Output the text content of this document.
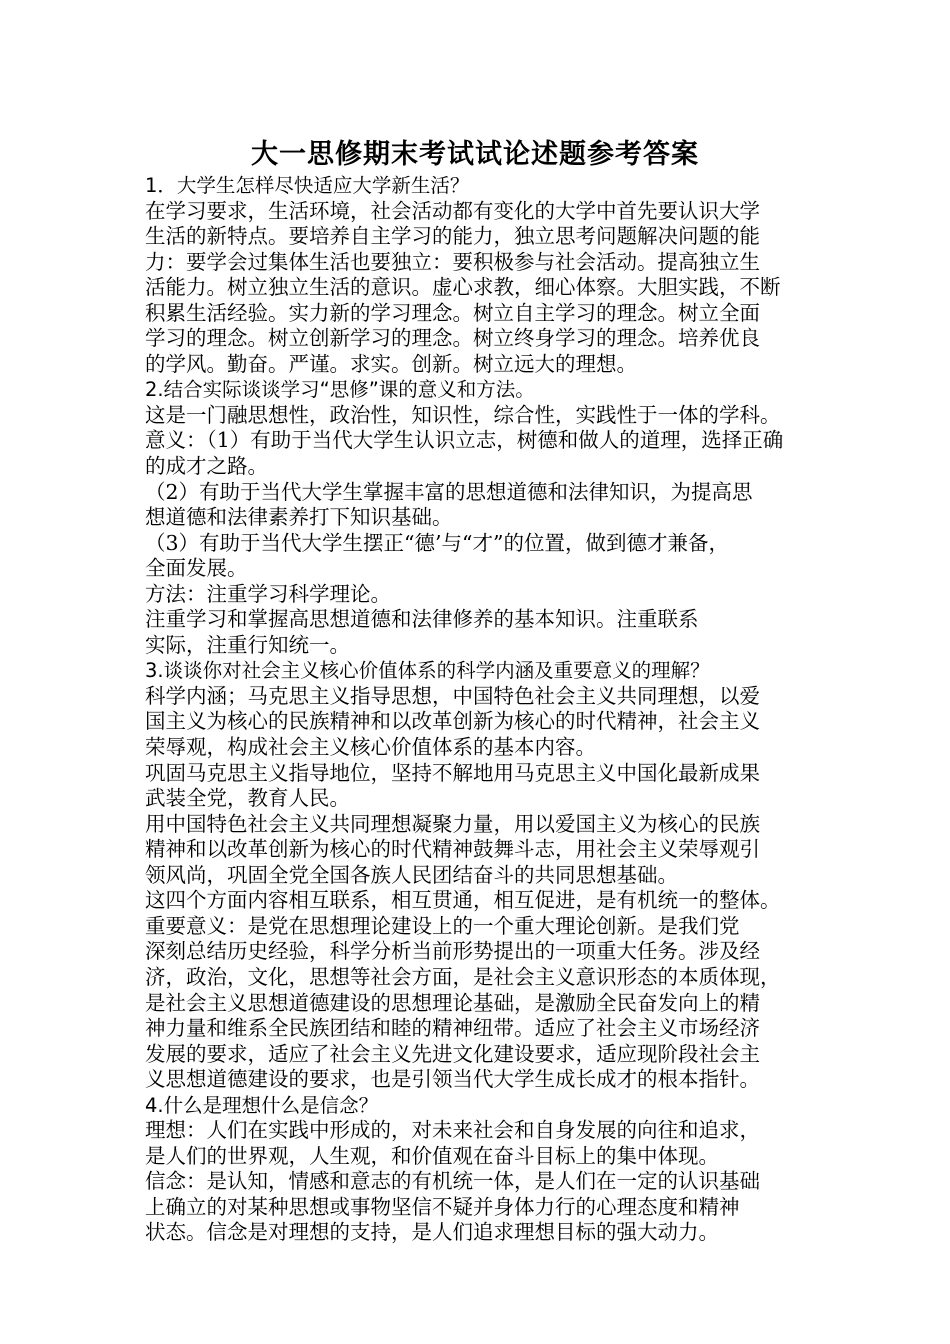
大一思修期末考试试论述题参考答案
1．大学生怎样尽快适应大学新生活？
在学习要求，生活环境，社会活动都有变化的大学中首先要认识大学
生活的新特点。要培养自主学习的能力，独立思考问题解决问题的能
力：要学会过集体生活也要独立：要积极参与社会活动。提高独立生
活能力。树立独立生活的意识。虚心求教，细心体察。大胆实践，不断
积累生活经验。实力新的学习理念。树立自主学习的理念。树立全面
学习的理念。树立创新学习的理念。树立终身学习的理念。培养优良
的学风。勤奋。严谨。求实。创新。树立远大的理想。
2.结合实际谈谈学习“思修”课的意义和方法。
这是一门融思想性，政治性，知识性，综合性，实践性于一体的学科。
意义：（1）有助于当代大学生认识立志，树德和做人的道理，选择正确
的成才之路。
（2）有助于当代大学生掌握丰富的思想道德和法律知识，为提高思
想道德和法律素养打下知识基础。
（3）有助于当代大学生摆正“德’与“才”的位置，做到德才兼备，
全面发展。
方法：注重学习科学理论。
注重学习和掌握高思想道德和法律修养的基本知识。注重联系
实际，注重行知统一。
3.谈谈你对社会主义核心价值体系的科学内涵及重要意义的理解？
科学内涵；马克思主义指导思想，中国特色社会主义共同理想，以爱
国主义为核心的民族精神和以改革创新为核心的时代精神，社会主义
荣辱观，构成社会主义核心价值体系的基本内容。
巩固马克思主义指导地位，坚持不解地用马克思主义中国化最新成果
武装全党，教育人民。
用中国特色社会主义共同理想凝聚力量，用以爱国主义为核心的民族
精神和以改革创新为核心的时代精神鼓舞斗志，用社会主义荣辱观引
领风尚，巩固全党全国各族人民团结奋斗的共同思想基础。
这四个方面内容相互联系，相互贯通，相互促进，是有机统一的整体。
重要意义：是党在思想理论建设上的一个重大理论创新。是我们党
深刻总结历史经验，科学分析当前形势提出的一项重大任务。涉及经
济，政治，文化，思想等社会方面，是社会主义意识形态的本质体现，
是社会主义思想道德建设的思想理论基础，是激励全民奋发向上的精
神力量和维系全民族团结和睦的精神纽带。适应了社会主义市场经济
发展的要求，适应了社会主义先进文化建设要求，适应现阶段社会主
义思想道德建设的要求，也是引领当代大学生成长成才的根本指针。
4.什么是理想什么是信念？
理想：人们在实践中形成的，对未来社会和自身发展的向往和追求，
是人们的世界观，人生观，和价值观在奋斗目标上的集中体现。
信念：是认知，情感和意志的有机统一体，是人们在一定的认识基础
上确立的对某种思想或事物坚信不疑并身体力行的心理态度和精神
状态。信念是对理想的支持，是人们追求理想目标的强大动力。
